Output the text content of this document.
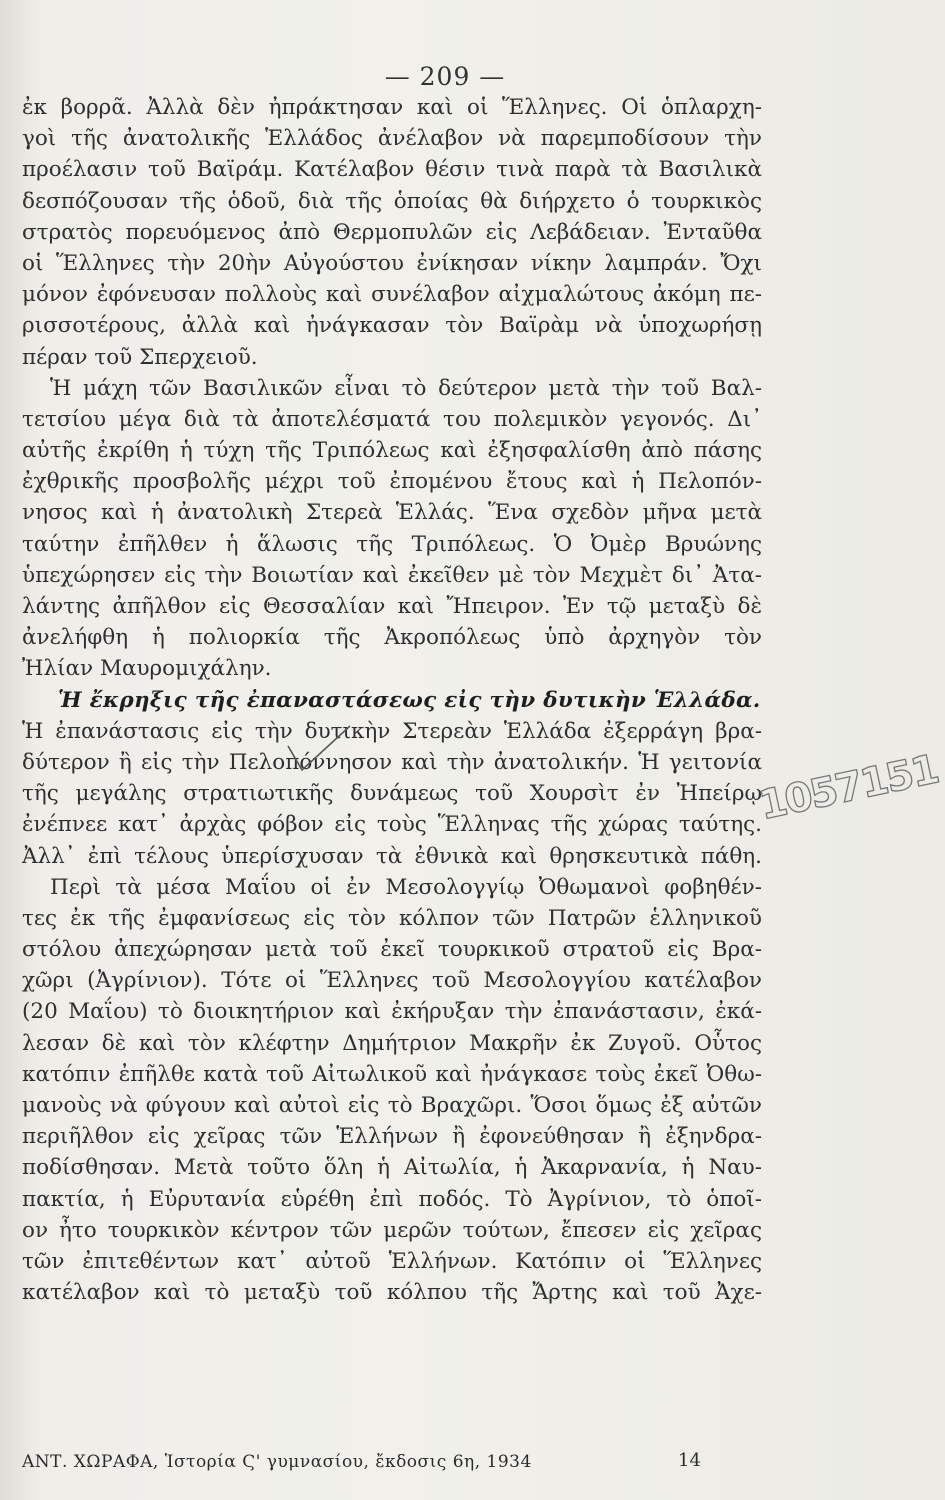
— 209 —
ἐκ βορρᾶ. Ἀλλὰ δὲν ἠπράκτησαν καὶ οἱ Ἕλληνες. Οἱ ὁπλαρχη-
γοὶ τῆς ἀνατολικῆς Ἑλλάδος ἀνέλαβον νὰ παρεμποδίσουν τὴν
προέλασιν τοῦ Βαϊράμ. Κατέλαβον θέσιν τινὰ παρὰ τὰ Βασιλικὰ
δεσπόζουσαν τῆς ὁδοῦ, διὰ τῆς ὁποίας θὰ διήρχετο ὁ τουρκικὸς
στρατὸς πορευόμενος ἀπὸ Θερμοπυλῶν εἰς Λεβάδειαν. Ἐνταῦθα
οἱ Ἕλληνες τὴν 20ὴν Αὐγούστου ἐνίκησαν νίκην λαμπράν. Ὄχι
μόνον ἐφόνευσαν πολλοὺς καὶ συνέλαβον αἰχμαλώτους ἀκόμη πε-
ρισσοτέρους, ἀλλὰ καὶ ἠνάγκασαν τὸν Βαϊρὰμ νὰ ὑποχωρήσῃ
πέραν τοῦ Σπερχειοῦ.
Ἡ μάχη τῶν Βασιλικῶν εἶναι τὸ δεύτερον μετὰ τὴν τοῦ Βαλ-
τετσίου μέγα διὰ τὰ ἀποτελέσματά του πολεμικὸν γεγονός. Δι᾽
αὐτῆς ἐκρίθη ἡ τύχη τῆς Τριπόλεως καὶ ἐξησφαλίσθη ἀπὸ πάσης
ἐχθρικῆς προσβολῆς μέχρι τοῦ ἐπομένου ἔτους καὶ ἡ Πελοπόν-
νησος καὶ ἡ ἀνατολικὴ Στερεὰ Ἑλλάς. Ἕνα σχεδὸν μῆνα μετὰ
ταύτην ἐπῆλθεν ἡ ἅλωσις τῆς Τριπόλεως. Ὁ Ὀμὲρ Βρυώνης
ὑπεχώρησεν εἰς τὴν Βοιωτίαν καὶ ἐκεῖθεν μὲ τὸν Μεχμὲτ δι᾽ Ἀτα-
λάντης ἀπῆλθον εἰς Θεσσαλίαν καὶ Ἤπειρον. Ἐν τῷ μεταξὺ δὲ
ἀνελήφθη ἡ πολιορκία τῆς Ἀκροπόλεως ὑπὸ ἀρχηγὸν τὸν
Ἠλίαν Μαυρομιχάλην.
Ἡ ἔκρηξις τῆς ἐπαναστάσεως εἰς τὴν δυτικὴν Ἑλλάδα.
Ἡ ἐπανάστασις εἰς τὴν δυτικὴν Στερεὰν Ἑλλάδα ἐξερράγη βρα-
δύτερον ἢ εἰς τὴν Πελοπόννησον καὶ τὴν ἀνατολικήν. Ἡ γειτονία
τῆς μεγάλης στρατιωτικῆς δυνάμεως τοῦ Χουρσὶτ ἐν Ἠπείρῳ
ἐνέπνεε κατ᾽ ἀρχὰς φόβον εἰς τοὺς Ἕλληνας τῆς χώρας ταύτης.
Ἀλλ᾽ ἐπὶ τέλους ὑπερίσχυσαν τὰ ἐθνικὰ καὶ θρησκευτικὰ πάθη.
Περὶ τὰ μέσα Μαΐου οἱ ἐν Μεσολογγίῳ Ὀθωμανοὶ φοβηθέν-
τες ἐκ τῆς ἐμφανίσεως εἰς τὸν κόλπον τῶν Πατρῶν ἑλληνικοῦ
στόλου ἀπεχώρησαν μετὰ τοῦ ἐκεῖ τουρκικοῦ στρατοῦ εἰς Βρα-
χῶρι (Ἀγρίνιον). Τότε οἱ Ἕλληνες τοῦ Μεσολογγίου κατέλαβον
(20 Μαΐου) τὸ διοικητήριον καὶ ἐκήρυξαν τὴν ἐπανάστασιν, ἐκά-
λεσαν δὲ καὶ τὸν κλέφτην Δημήτριον Μακρῆν ἐκ Ζυγοῦ. Οὗτος
κατόπιν ἐπῆλθε κατὰ τοῦ Αἰτωλικοῦ καὶ ἠνάγκασε τοὺς ἐκεῖ Ὀθω-
μανοὺς νὰ φύγουν καὶ αὐτοὶ εἰς τὸ Βραχῶρι. Ὅσοι ὅμως ἐξ αὐτῶν
περιῆλθον εἰς χεῖρας τῶν Ἑλλήνων ἢ ἐφονεύθησαν ἢ ἐξηνδρα-
ποδίσθησαν. Μετὰ τοῦτο ὅλη ἡ Αἰτωλία, ἡ Ἀκαρνανία, ἡ Ναυ-
πακτία, ἡ Εὐρυτανία εὑρέθη ἐπὶ ποδός. Τὸ Ἀγρίνιον, τὸ ὁποῖ-
ον ἦτο τουρκικὸν κέντρον τῶν μερῶν τούτων, ἔπεσεν εἰς χεῖρας
τῶν ἐπιτεθέντων κατ᾽ αὐτοῦ Ἑλλήνων. Κατόπιν οἱ Ἕλληνες
κατέλαβον καὶ τὸ μεταξὺ τοῦ κόλπου τῆς Ἄρτης καὶ τοῦ Ἀχε-
1057151
ΑΝΤ. ΧΩΡΑΦΑ, Ἱστορία Ϛ' γυμνασίου, ἔκδοσις 6η, 1934	14
